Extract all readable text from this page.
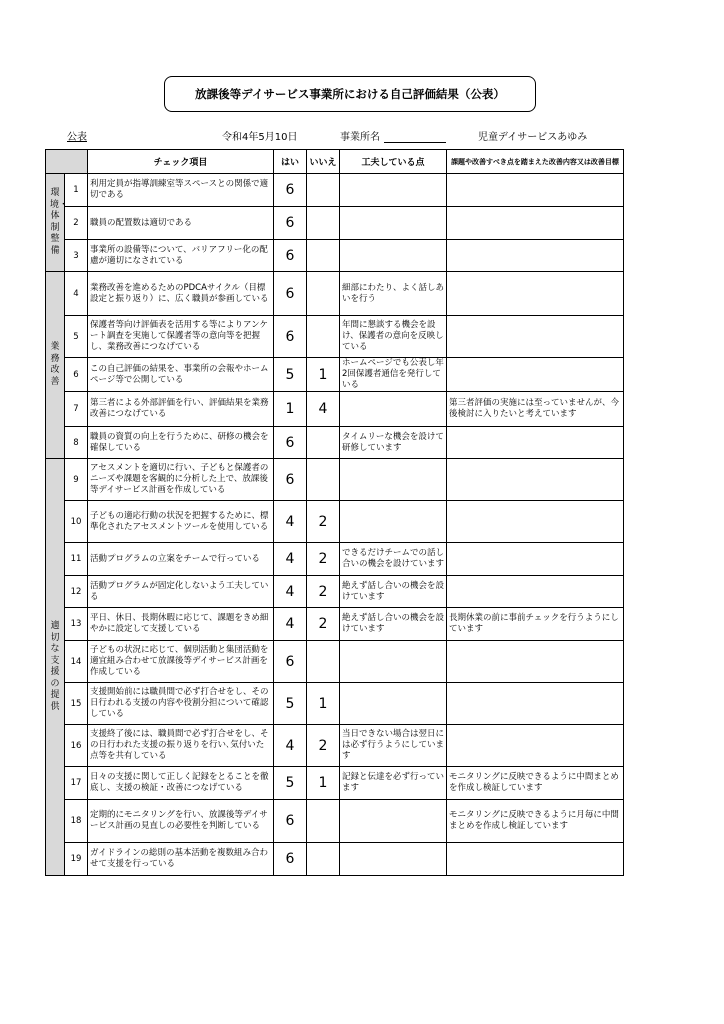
放課後等デイサービス事業所における自己評価結果（公表）
公表	令和4年5月10日	事業所名	児童デイサービスあゆみ
		チェック項目	はい	いいえ	工夫している点	課題や改善すべき点を踏まえた改善内容又は改善目標
環境・体制整備	1	利用定員が指導訓練室等スペースとの関係で適切である	6			
	2	職員の配置数は適切である	6			
	3	事業所の設備等について、バリアフリー化の配慮が適切になされている	6			
業務改善	4	業務改善を進めるためのPDCAサイクル（目標設定と振り返り）に、広く職員が参画している	6		細部にわたり、よく話しあいを行う	
	5	保護者等向け評価表を活用する等によりアンケート調査を実施して保護者等の意向等を把握し、業務改善につなげている	6		年間に懇談する機会を設け、保護者の意向を反映している	
	6	この自己評価の結果を、事業所の会報やホームページ等で公開している	5	1	ホームページでも公表し年2回保護者通信を発行している	
	7	第三者による外部評価を行い、評価結果を業務改善につなげている	1	4		第三者評価の実施には至っていませんが、今後検討に入りたいと考えています
	8	職員の資質の向上を行うために、研修の機会を確保している	6		タイムリーな機会を設けて研修しています	
適切な支援の提供	9	アセスメントを適切に行い、子どもと保護者のニーズや課題を客観的に分析した上で、放課後等デイサービス計画を作成している	6			
	10	子どもの適応行動の状況を把握するために、標準化されたアセスメントツールを使用している	4	2		
	11	活動プログラムの立案をチームで行っている	4	2	できるだけチームでの話し合いの機会を設けています	
	12	活動プログラムが固定化しないよう工夫している	4	2	絶えず話し合いの機会を設けています	
	13	平日、休日、長期休暇に応じて、課題をきめ細やかに設定して支援している	4	2	絶えず話し合いの機会を設けています	長期休業の前に事前チェックを行うようにしています
	14	子どもの状況に応じて、個別活動と集団活動を適宜組み合わせて放課後等デイサービス計画を作成している	6			
	15	支援開始前には職員間で必ず打合せをし、その日行われる支援の内容や役割分担について確認している	5	1		
	16	支援終了後には、職員間で必ず打合せをし、その日行われた支援の振り返りを行い､気付いた点等を共有している	4	2	当日できない場合は翌日には必ず行うようにしています	
	17	日々の支援に関して正しく記録をとることを徹底し、支援の検証・改善につなげている	5	1	記録と伝達を必ず行っています	モニタリングに反映できるように中間まとめを作成し検証しています
	18	定期的にモニタリングを行い、放課後等デイサービス計画の見直しの必要性を判断している	6			モニタリングに反映できるように月毎に中間まとめを作成し検証しています
	19	ガイドラインの総則の基本活動を複数組み合わせて支援を行っている	6			
